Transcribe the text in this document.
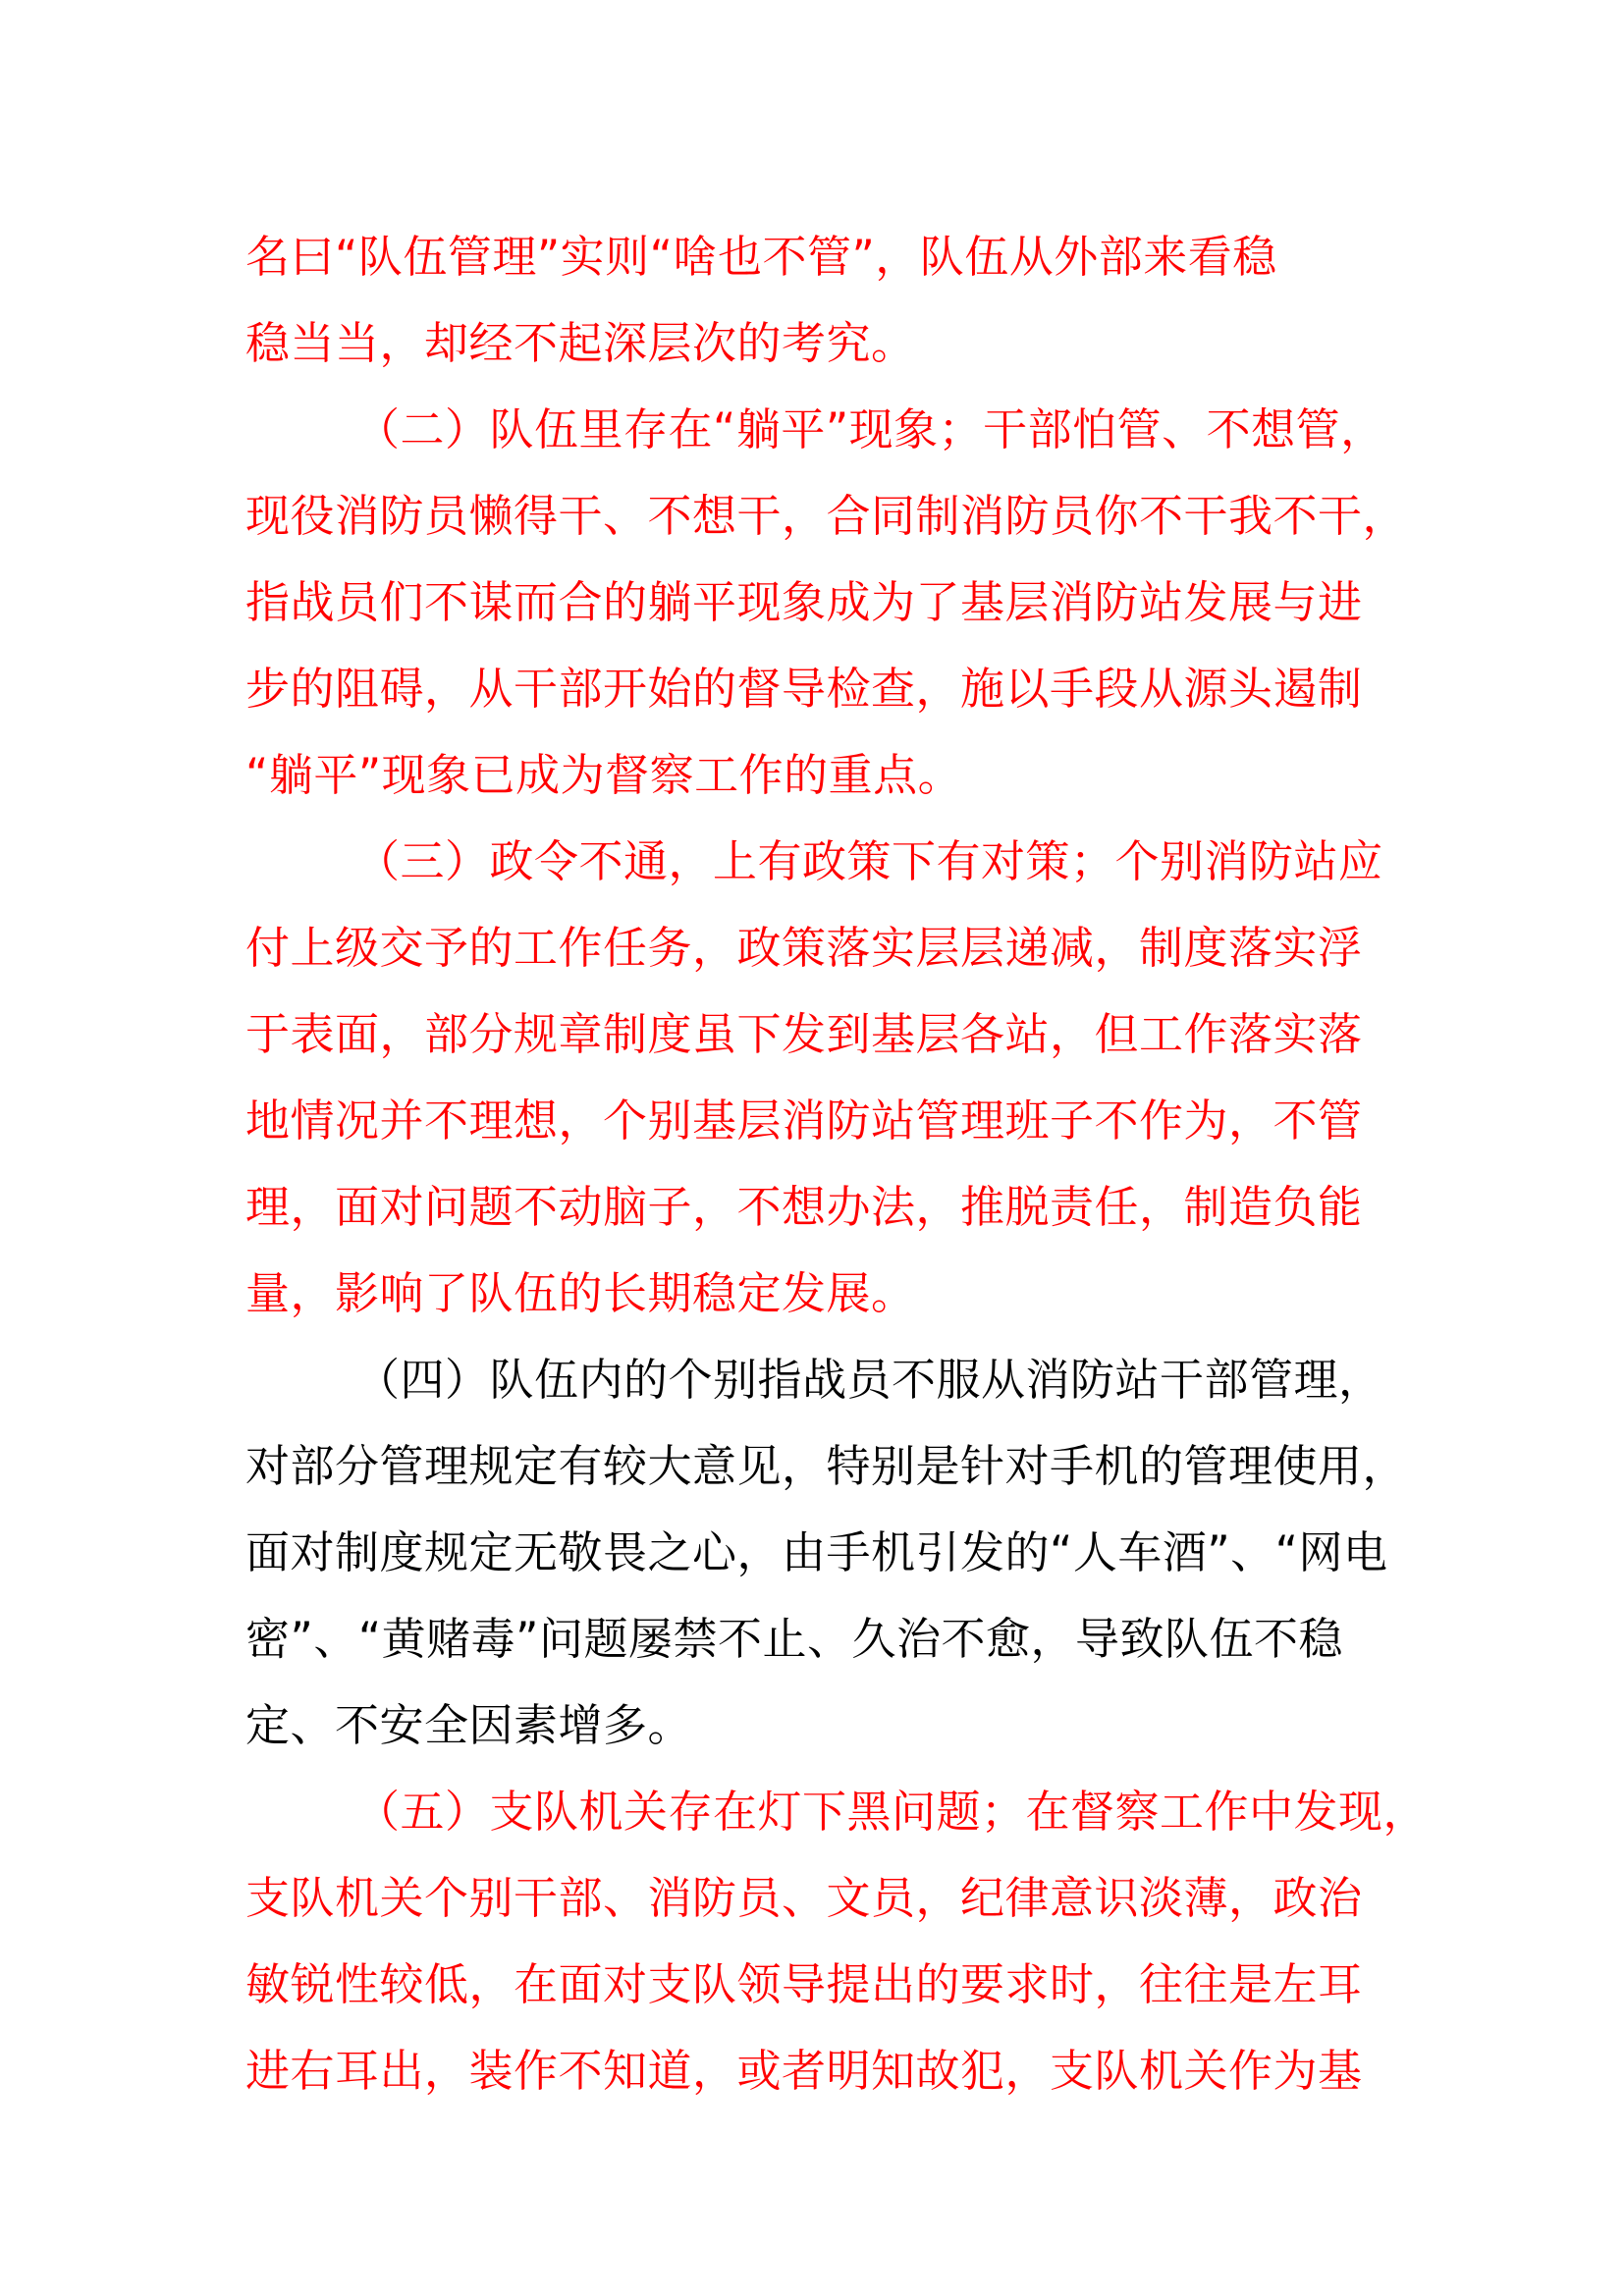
名曰“队伍管理”实则“啥也不管”，队伍从外部来看稳
稳当当，却经不起深层次的考究。
（二）队伍里存在“躺平”现象；干部怕管、不想管，
现役消防员懒得干、不想干，合同制消防员你不干我不干，
指战员们不谋而合的躺平现象成为了基层消防站发展与进
步的阻碍，从干部开始的督导检查，施以手段从源头遏制
“躺平”现象已成为督察工作的重点。
（三）政令不通，上有政策下有对策；个别消防站应
付上级交予的工作任务，政策落实层层递减，制度落实浮
于表面，部分规章制度虽下发到基层各站，但工作落实落
地情况并不理想，个别基层消防站管理班子不作为，不管
理，面对问题不动脑子，不想办法，推脱责任，制造负能
量，影响了队伍的长期稳定发展。
（四）队伍内的个别指战员不服从消防站干部管理，
对部分管理规定有较大意见，特别是针对手机的管理使用，
面对制度规定无敬畏之心，由手机引发的“人车酒”、“网电
密”、“黄赌毒”问题屡禁不止、久治不愈，导致队伍不稳
定、不安全因素增多。
（五）支队机关存在灯下黑问题；在督察工作中发现，
支队机关个别干部、消防员、文员，纪律意识淡薄，政治
敏锐性较低，在面对支队领导提出的要求时，往往是左耳
进右耳出，装作不知道，或者明知故犯，支队机关作为基
